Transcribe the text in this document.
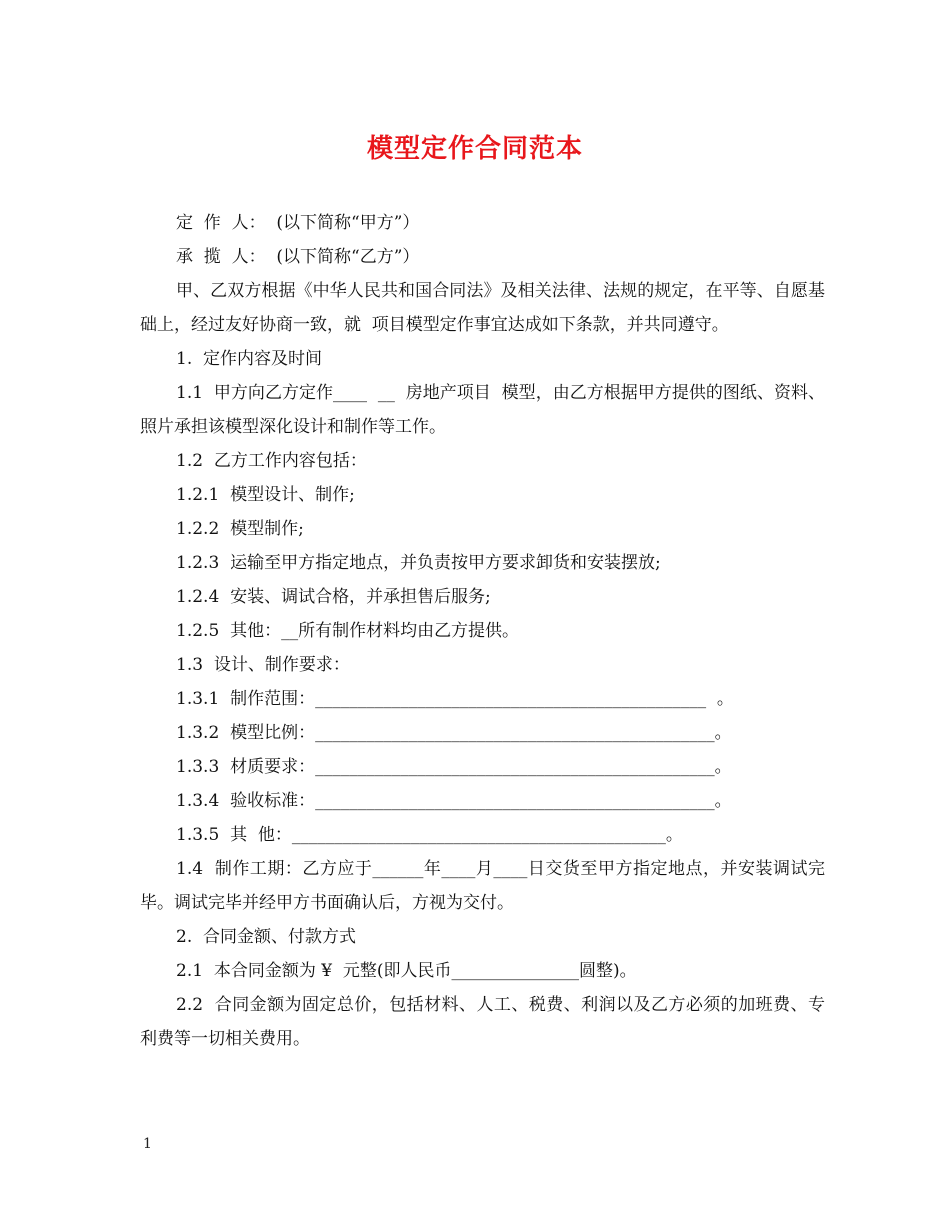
模型定作合同范本

定  作  人：  (以下简称“甲方”）

承  揽  人：  (以下简称“乙方”）

甲、乙双方根据《中华人民共和国合同法》及相关法律、法规的规定，在平等、自愿基础上，经过友好协商一致，就  项目模型定作事宜达成如下条款，并共同遵守。

1.  定作内容及时间

1.1  甲方向乙方定作____  __  房地产项目  模型，由乙方根据甲方提供的图纸、资料、照片承担该模型深化设计和制作等工作。

1.2  乙方工作内容包括：

1.2.1  模型设计、制作;

1.2.2  模型制作;

1.2.3  运输至甲方指定地点，并负责按甲方要求卸货和安装摆放;

1.2.4  安装、调试合格，并承担售后服务;

1.2.5  其他：__所有制作材料均由乙方提供。

1.3  设计、制作要求：

1.3.1  制作范围：______________________________________________  。

1.3.2  模型比例：_______________________________________________。

1.3.3  材质要求：_______________________________________________。

1.3.4  验收标准：_______________________________________________。

1.3.5  其  他：____________________________________________。

1.4  制作工期：乙方应于______年____月____日交货至甲方指定地点，并安装调试完毕。调试完毕并经甲方书面确认后，方视为交付。

2.  合同金额、付款方式

2.1  本合同金额为 ¥  元整(即人民币_______________圆整)。

2.2  合同金额为固定总价，包括材料、人工、税费、利润以及乙方必须的加班费、专利费等一切相关费用。

1
